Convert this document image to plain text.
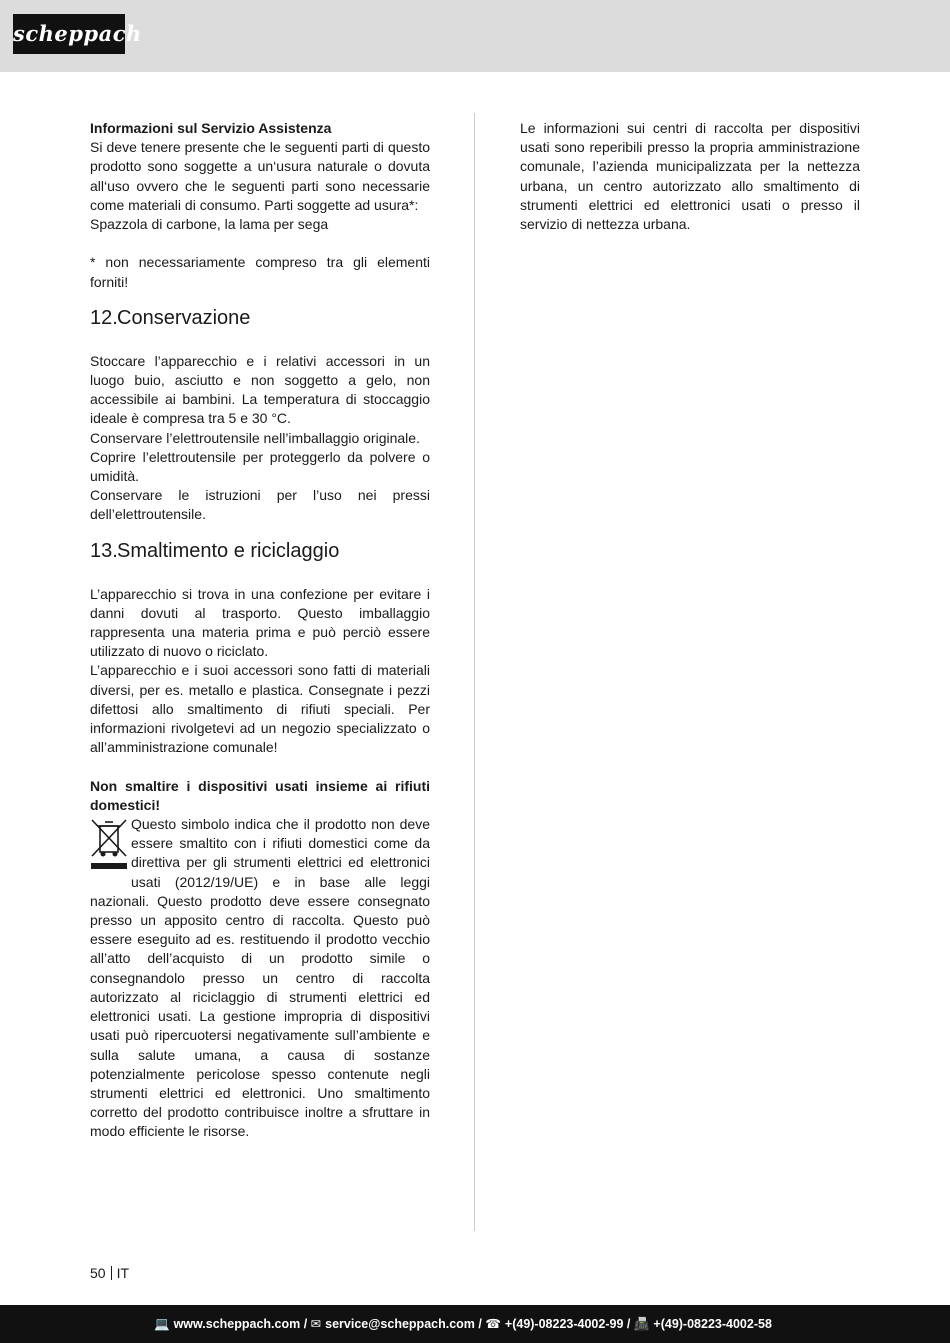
scheppach

Informazioni sul Servizio Assistenza

Si deve tenere presente che le seguenti parti di questo prodotto sono soggette a un‘usura naturale o dovuta all‘uso ovvero che le seguenti parti sono necessarie come materiali di consumo. Parti soggette ad usura*:

Spazzola di carbone, la lama per sega

* non necessariamente compreso tra gli elementi forniti!

12.Conservazione

Stoccare l’apparecchio e i relativi accessori in un luogo buio, asciutto e non soggetto a gelo, non accessibile ai bambini. La temperatura di stoccaggio ideale è compresa tra 5 e 30 °C.

Conservare l’elettroutensile nell’imballaggio originale.

Coprire l’elettroutensile per proteggerlo da polvere o umidità.

Conservare le istruzioni per l’uso nei pressi dell’elettroutensile.

13.Smaltimento e riciclaggio

L’apparecchio si trova in una confezione per evitare i danni dovuti al trasporto. Questo imballaggio rappresenta una materia prima e può perciò essere utilizzato di nuovo o riciclato.

L’apparecchio e i suoi accessori sono fatti di materiali diversi, per es. metallo e plastica. Consegnate i pezzi difettosi allo smaltimento di rifiuti speciali. Per informazioni rivolgetevi ad un negozio specializzato o all’amministrazione comunale!

Non smaltire i dispositivi usati insieme ai rifiuti domestici!

Questo simbolo indica che il prodotto non deve essere smaltito con i rifiuti domestici come da direttiva per gli strumenti elettrici ed elettronici usati (2012/19/UE) e in base alle leggi nazionali. Questo prodotto deve essere consegnato presso un apposito centro di raccolta. Questo può essere eseguito ad es. restituendo il prodotto vecchio all’atto dell’acquisto di un prodotto simile o consegnandolo presso un centro di raccolta autorizzato al riciclaggio di strumenti elettrici ed elettronici usati. La gestione impropria di dispositivi usati può ripercuotersi negativamente sull’ambiente e sulla salute umana, a causa di sostanze potenzialmente pericolose spesso contenute negli strumenti elettrici ed elettronici. Uno smaltimento corretto del prodotto contribuisce inoltre a sfruttare in modo efficiente le risorse.

Le informazioni sui centri di raccolta per dispositivi usati sono reperibili presso la propria amministrazione comunale, l’azienda municipalizzata per la nettezza urbana, un centro autorizzato allo smaltimento di strumenti elettrici ed elettronici usati o presso il servizio di nettezza urbana.

50 IT
💻 www.scheppach.com / ✉ service@scheppach.com / ☎ +(49)-08223-4002-99 / 📠 +(49)-08223-4002-58
